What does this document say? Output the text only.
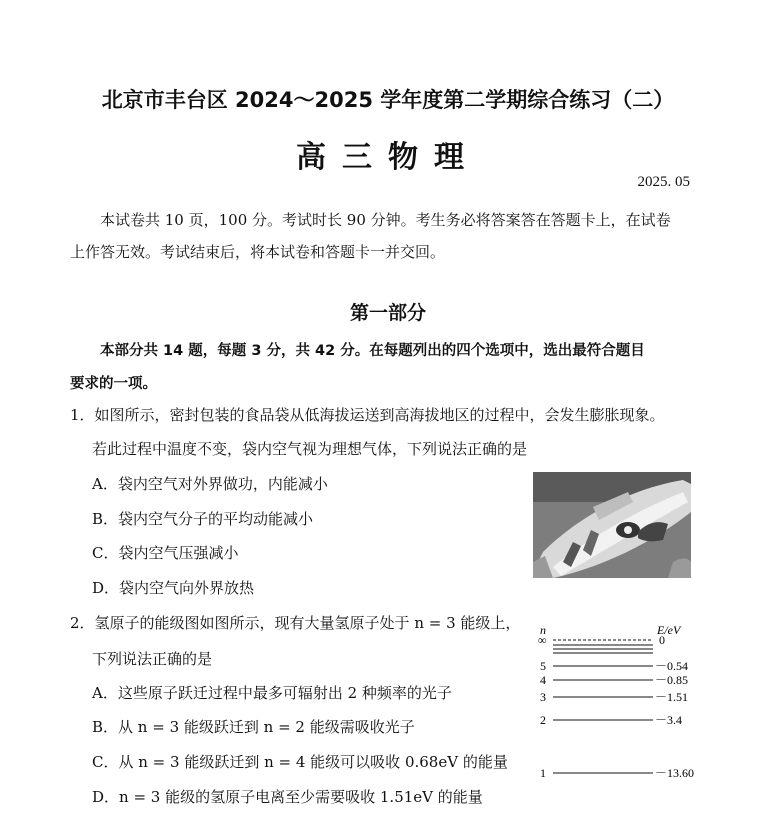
北京市丰台区 2024～2025 学年度第二学期综合练习（二）
高三物理
2025. 05
本试卷共 10 页，100 分。考试时长 90 分钟。考生务必将答案答在答题卡上，在试卷
上作答无效。考试结束后，将本试卷和答题卡一并交回。
第一部分
本部分共 14 题，每题 3 分，共 42 分。在每题列出的四个选项中，选出最符合题目
要求的一项。
1．如图所示，密封包装的食品袋从低海拔运送到高海拔地区的过程中，会发生膨胀现象。
若此过程中温度不变，袋内空气视为理想气体，下列说法正确的是
A．袋内空气对外界做功，内能减小
B．袋内空气分子的平均动能减小
C．袋内空气压强减小
D．袋内空气向外界放热
2．氢原子的能级图如图所示，现有大量氢原子处于 n = 3 能级上，
下列说法正确的是
A．这些原子跃迁过程中最多可辐射出 2 种频率的光子
B．从 n = 3 能级跃迁到 n = 2 能级需吸收光子
C．从 n = 3 能级跃迁到 n = 4 能级可以吸收 0.68eV 的能量
D．n = 3 能级的氢原子电离至少需要吸收 1.51eV 的能量
n	E/eV
∞	0
5	－0.54
4	－0.85
3	－1.51
2	－3.4
1	－13.60
